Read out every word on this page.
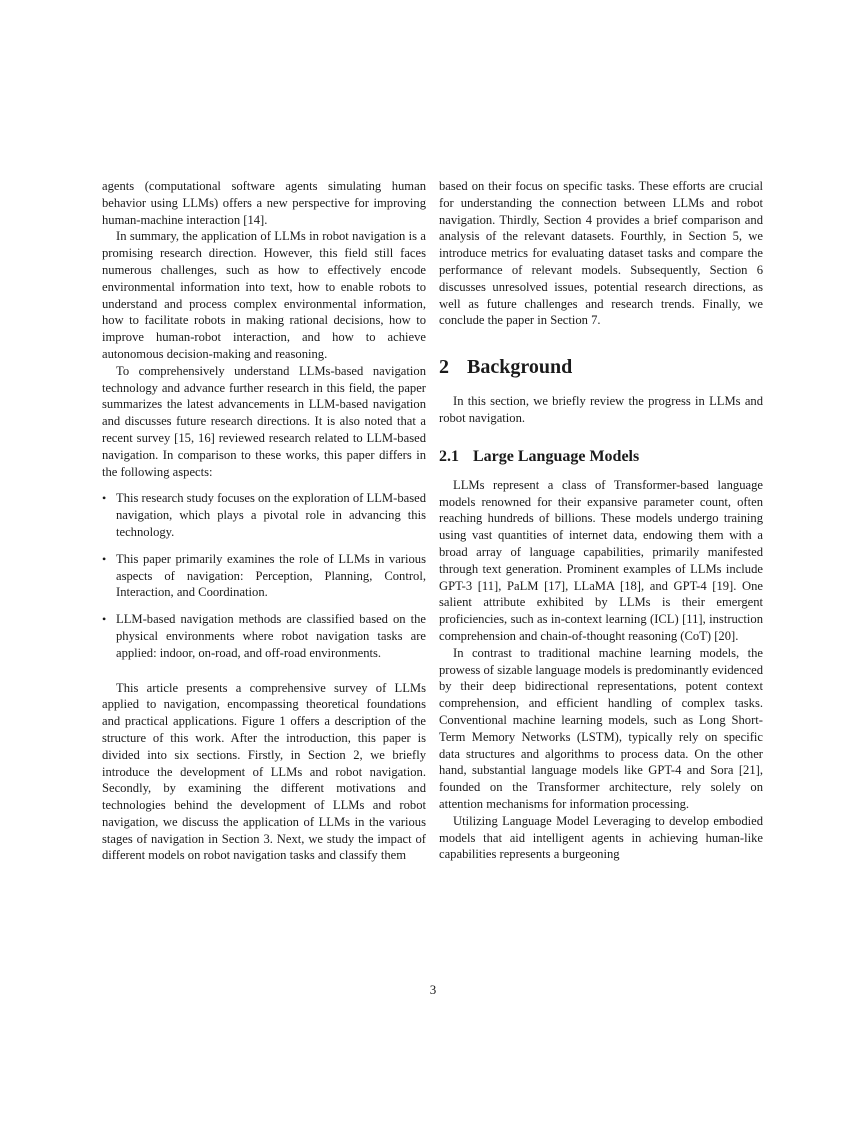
agents (computational software agents simulating human behavior using LLMs) offers a new perspective for improving human-machine interaction [14].

In summary, the application of LLMs in robot navigation is a promising research direction. However, this field still faces numerous challenges, such as how to effectively encode environmental information into text, how to enable robots to understand and process complex environmental information, how to facilitate robots in making rational decisions, how to improve human-robot interaction, and how to achieve autonomous decision-making and reasoning.

To comprehensively understand LLMs-based navigation technology and advance further research in this field, the paper summarizes the latest advancements in LLM-based navigation and discusses future research directions. It is also noted that a recent survey [15, 16] reviewed research related to LLM-based navigation. In comparison to these works, this paper differs in the following aspects:

• This research study focuses on the exploration of LLM-based navigation, which plays a pivotal role in advancing this technology.
• This paper primarily examines the role of LLMs in various aspects of navigation: Perception, Planning, Control, Interaction, and Coordination.
• LLM-based navigation methods are classified based on the physical environments where robot navigation tasks are applied: indoor, on-road, and off-road environments.

This article presents a comprehensive survey of LLMs applied to navigation, encompassing theoretical foundations and practical applications. Figure 1 offers a description of the structure of this work. After the introduction, this paper is divided into six sections. Firstly, in Section 2, we briefly introduce the development of LLMs and robot navigation. Secondly, by examining the different motivations and technologies behind the development of LLMs and robot navigation, we discuss the application of LLMs in the various stages of navigation in Section 3. Next, we study the impact of different models on robot navigation tasks and classify them

based on their focus on specific tasks. These efforts are crucial for understanding the connection between LLMs and robot navigation. Thirdly, Section 4 provides a brief comparison and analysis of the relevant datasets. Fourthly, in Section 5, we introduce metrics for evaluating dataset tasks and compare the performance of relevant models. Subsequently, Section 6 discusses unresolved issues, potential research directions, as well as future challenges and research trends. Finally, we conclude the paper in Section 7.

2 Background

In this section, we briefly review the progress in LLMs and robot navigation.

2.1 Large Language Models

LLMs represent a class of Transformer-based language models renowned for their expansive parameter count, often reaching hundreds of billions. These models undergo training using vast quantities of internet data, endowing them with a broad array of language capabilities, primarily manifested through text generation. Prominent examples of LLMs include GPT-3 [11], PaLM [17], LLaMA [18], and GPT-4 [19]. One salient attribute exhibited by LLMs is their emergent proficiencies, such as in-context learning (ICL) [11], instruction comprehension and chain-of-thought reasoning (CoT) [20].

In contrast to traditional machine learning models, the prowess of sizable language models is predominantly evidenced by their deep bidirectional representations, potent context comprehension, and efficient handling of complex tasks. Conventional machine learning models, such as Long Short-Term Memory Networks (LSTM), typically rely on specific data structures and algorithms to process data. On the other hand, substantial language models like GPT-4 and Sora [21], founded on the Transformer architecture, rely solely on attention mechanisms for information processing.

Utilizing Language Model Leveraging to develop embodied models that aid intelligent agents in achieving human-like capabilities represents a burgeoning

3
